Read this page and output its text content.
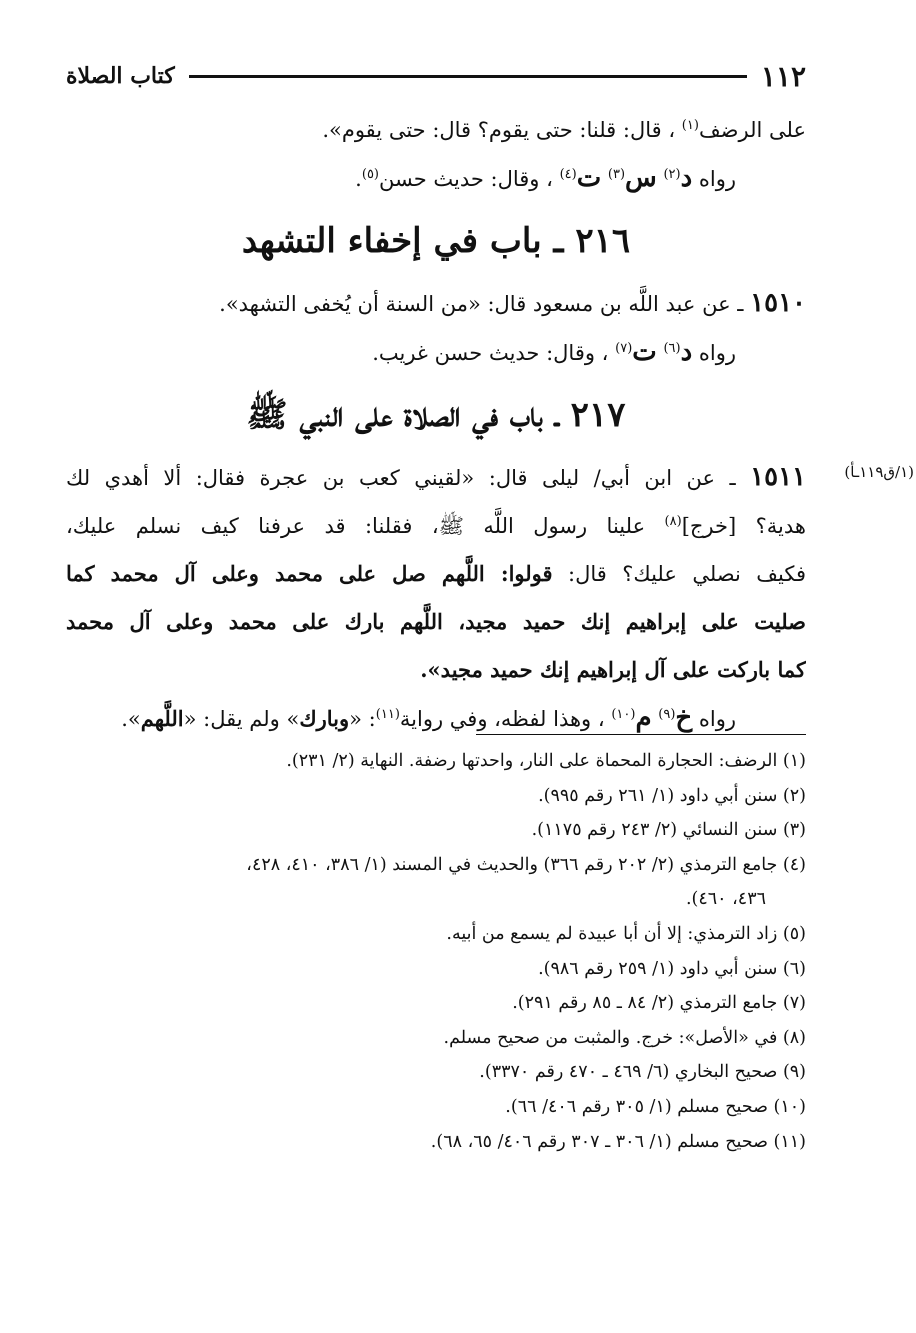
١١٢
كتاب الصلاة
(١/ق١١٩ـأ)
على الرضف$^{(١)}$ ، قال: قلنا: حتى يقوم؟ قال: حتى يقوم».
رواه د$^{(٢)}$ س$^{(٣)}$ ت$^{(٤)}$ ، وقال: حديث حسن$^{(٥)}$.
٢١٦ ـ باب في إخفاء التشهد
١٥١٠ ـ عن عبد اللَّه بن مسعود قال: «من السنة أن يُخفى التشهد».
رواه د$^{(٦)}$ ت$^{(٧)}$ ، وقال: حديث حسن غريب.
٢١٧ ـ باب في الصلاة على النبي ﷺ
١٥١١ ـ عن ابن أبي/ ليلى قال: «لقيني كعب بن عجرة فقال: ألا أهدي لك
هدية؟ [خرج]$^{(٨)}$ علينا رسول اللَّه ﷺ، فقلنا: قد عرفنا كيف نسلم عليك،
فكيف نصلي عليك؟ قال: قولوا: اللَّهم صل على محمد وعلى آل محمد كما
صليت على إبراهيم إنك حميد مجيد، اللَّهم بارك على محمد وعلى آل محمد
كما باركت على آل إبراهيم إنك حميد مجيد».
رواه خ$^{(٩)}$ م$^{(١٠)}$ ، وهذا لفظه، وفي رواية$^{(١١)}$: «وبارك» ولم يقل: «اللَّهم».
(١) الرضف: الحجارة المحماة على النار، واحدتها رضفة. النهاية (٢/ ٢٣١).
(٢) سنن أبي داود (١/ ٢٦١ رقم ٩٩٥).
(٣) سنن النسائي (٢/ ٢٤٣ رقم ١١٧٥).
(٤) جامع الترمذي (٢/ ٢٠٢ رقم ٣٦٦) والحديث في المسند (١/ ٣٨٦، ٤١٠، ٤٢٨،
٤٣٦، ٤٦٠).
(٥) زاد الترمذي: إلا أن أبا عبيدة لم يسمع من أبيه.
(٦) سنن أبي داود (١/ ٢٥٩ رقم ٩٨٦).
(٧) جامع الترمذي (٢/ ٨٤ ـ ٨٥ رقم ٢٩١).
(٨) في «الأصل»: خرج. والمثبت من صحيح مسلم.
(٩) صحيح البخاري (٦/ ٤٦٩ ـ ٤٧٠ رقم ٣٣٧٠).
(١٠) صحيح مسلم (١/ ٣٠٥ رقم ٤٠٦/ ٦٦).
(١١) صحيح مسلم (١/ ٣٠٦ ـ ٣٠٧ رقم ٤٠٦/ ٦٥، ٦٨).
